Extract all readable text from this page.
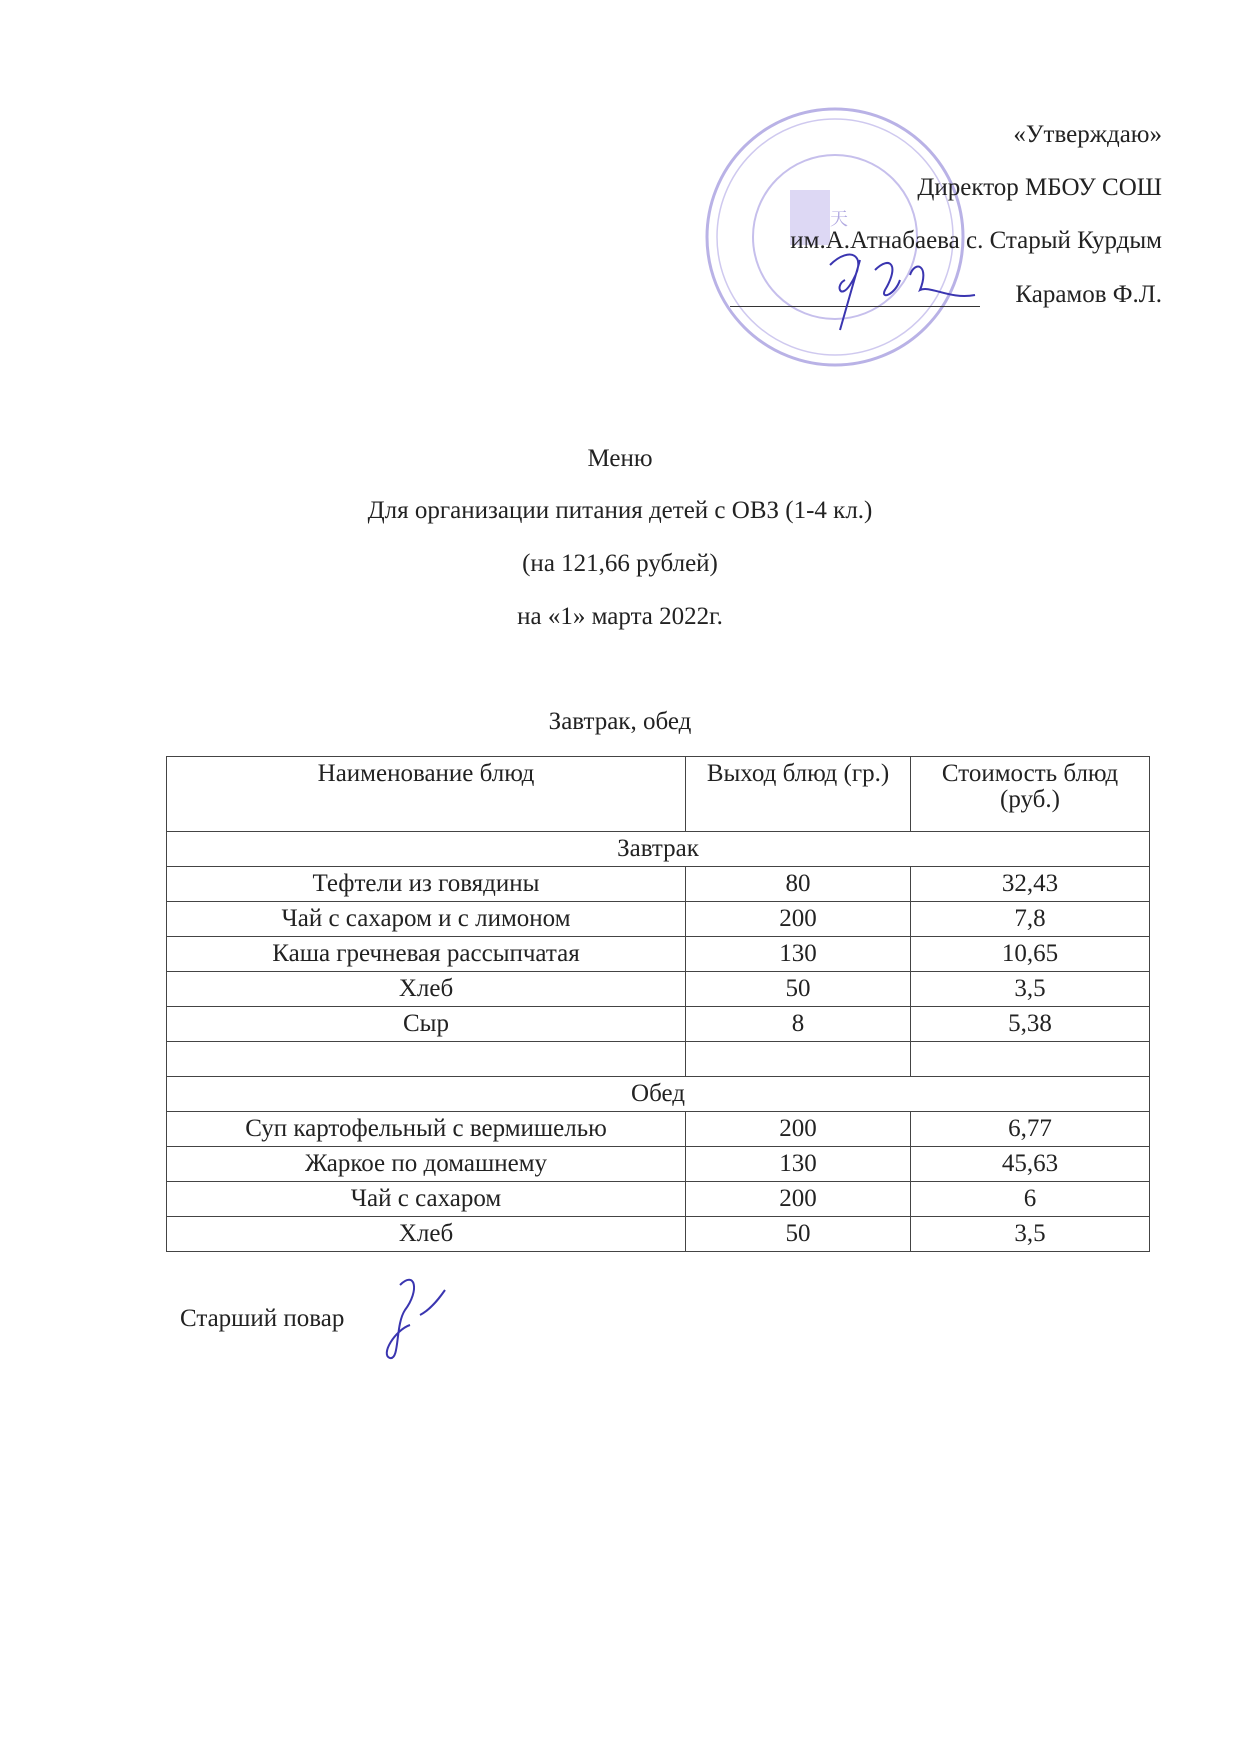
天
«Утверждаю»
Директор МБОУ СОШ
им.А.Атнабаева с. Старый Курдым
Карамов Ф.Л.
Меню
Для организации питания детей с ОВЗ (1-4 кл.)
(на 121,66 рублей)
на «1» марта 2022г.
Завтрак, обед
Наименование блюд	Выход блюд (гр.)	Стоимость блюд (руб.)
Завтрак		
Тефтели из говядины	80	32,43
Чай с сахаром и с лимоном	200	7,8
Каша гречневая рассыпчатая	130	10,65
Хлеб	50	3,5
Сыр	8	5,38

Обед		
Суп картофельный с вермишелью	200	6,77
Жаркое по домашнему	130	45,63
Чай с сахаром	200	6
Хлеб	50	3,5
Старший повар
